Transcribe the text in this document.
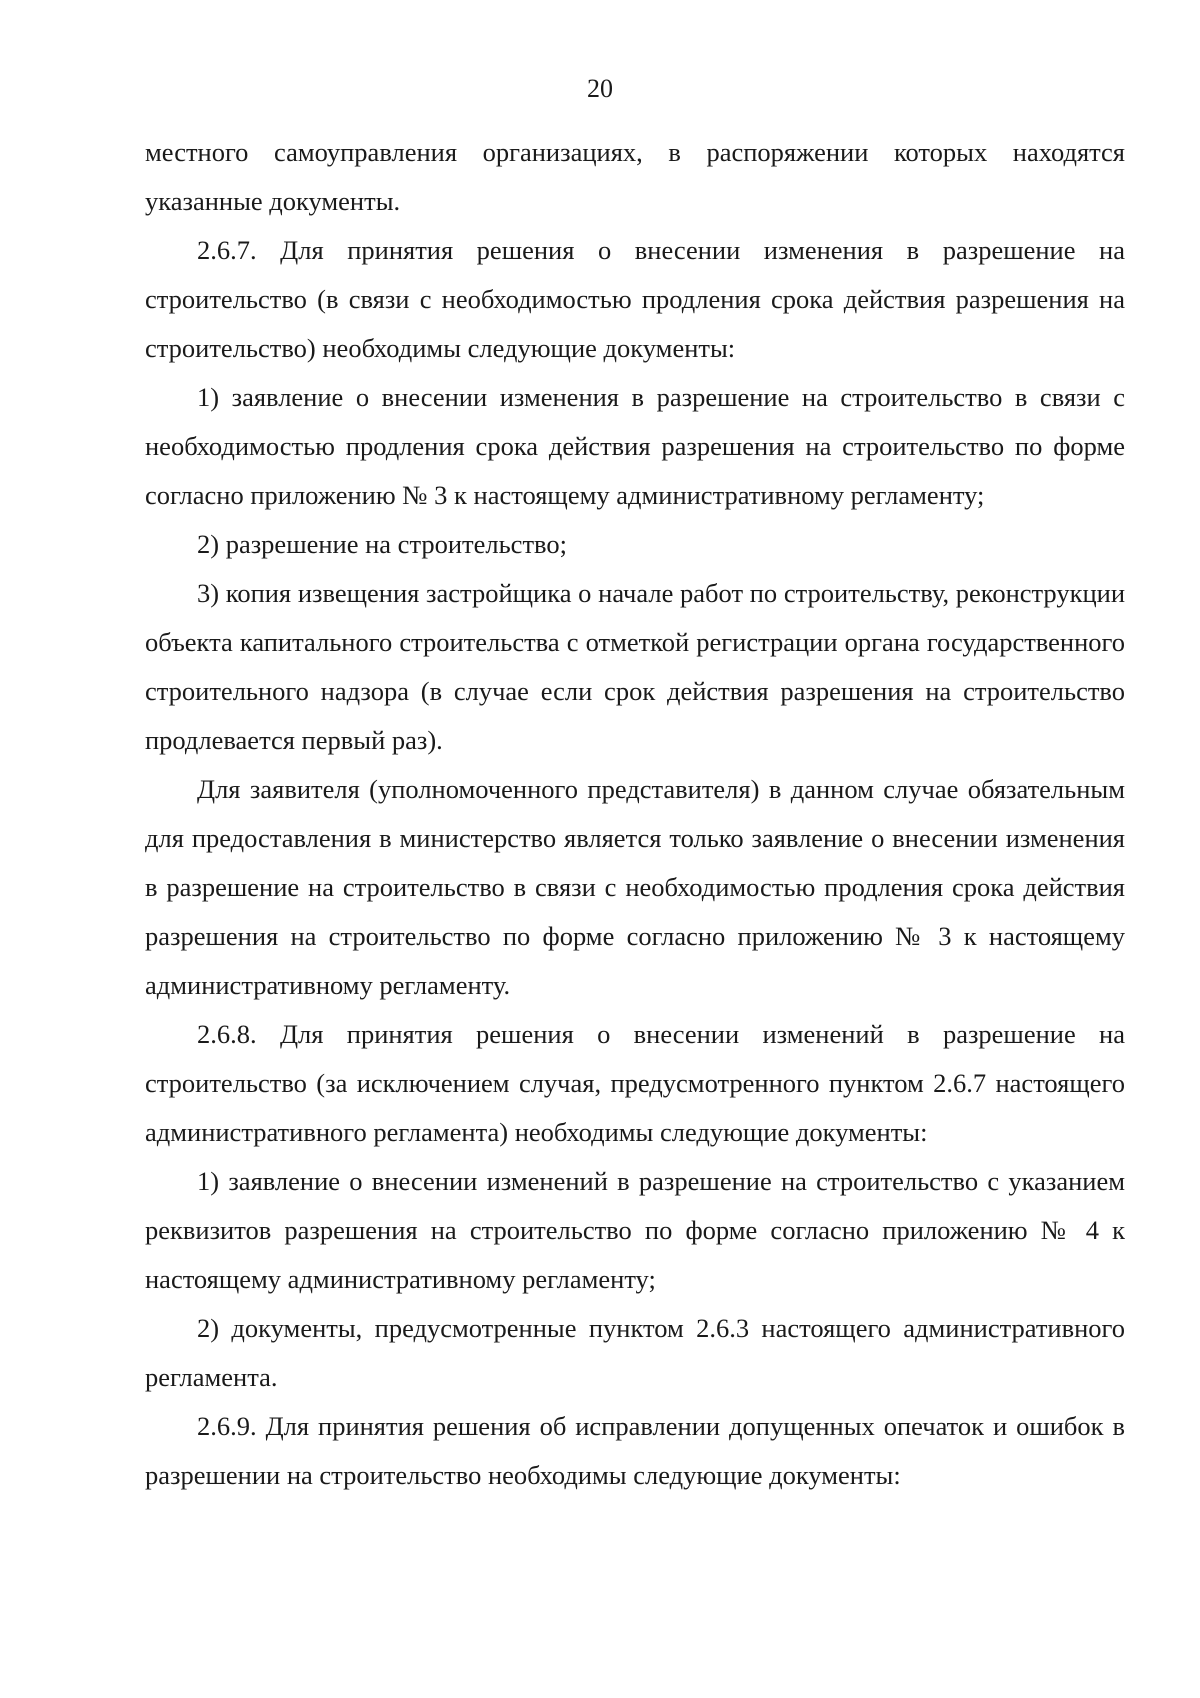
20

местного самоуправления организациях, в распоряжении которых находятся указанные документы.

2.6.7. Для принятия решения о внесении изменения в разрешение на строительство (в связи с необходимостью продления срока действия разрешения на строительство) необходимы следующие документы:

1) заявление о внесении изменения в разрешение на строительство в связи с необходимостью продления срока действия разрешения на строительство по форме согласно приложению № 3 к настоящему административному регламенту;

2) разрешение на строительство;

3) копия извещения застройщика о начале работ по строительству, реконструкции объекта капитального строительства с отметкой регистрации органа государственного строительного надзора (в случае если срок действия разрешения на строительство продлевается первый раз).

Для заявителя (уполномоченного представителя) в данном случае обязательным для предоставления в министерство является только заявление о внесении изменения в разрешение на строительство в связи с необходимостью продления срока действия разрешения на строительство по форме согласно приложению № 3 к настоящему административному регламенту.

2.6.8. Для принятия решения о внесении изменений в разрешение на строительство (за исключением случая, предусмотренного пунктом 2.6.7 настоящего административного регламента) необходимы следующие документы:

1) заявление о внесении изменений в разрешение на строительство с указанием реквизитов разрешения на строительство по форме согласно приложению № 4 к настоящему административному регламенту;

2) документы, предусмотренные пунктом 2.6.3 настоящего административного регламента.

2.6.9. Для принятия решения об исправлении допущенных опечаток и ошибок в разрешении на строительство необходимы следующие документы:
